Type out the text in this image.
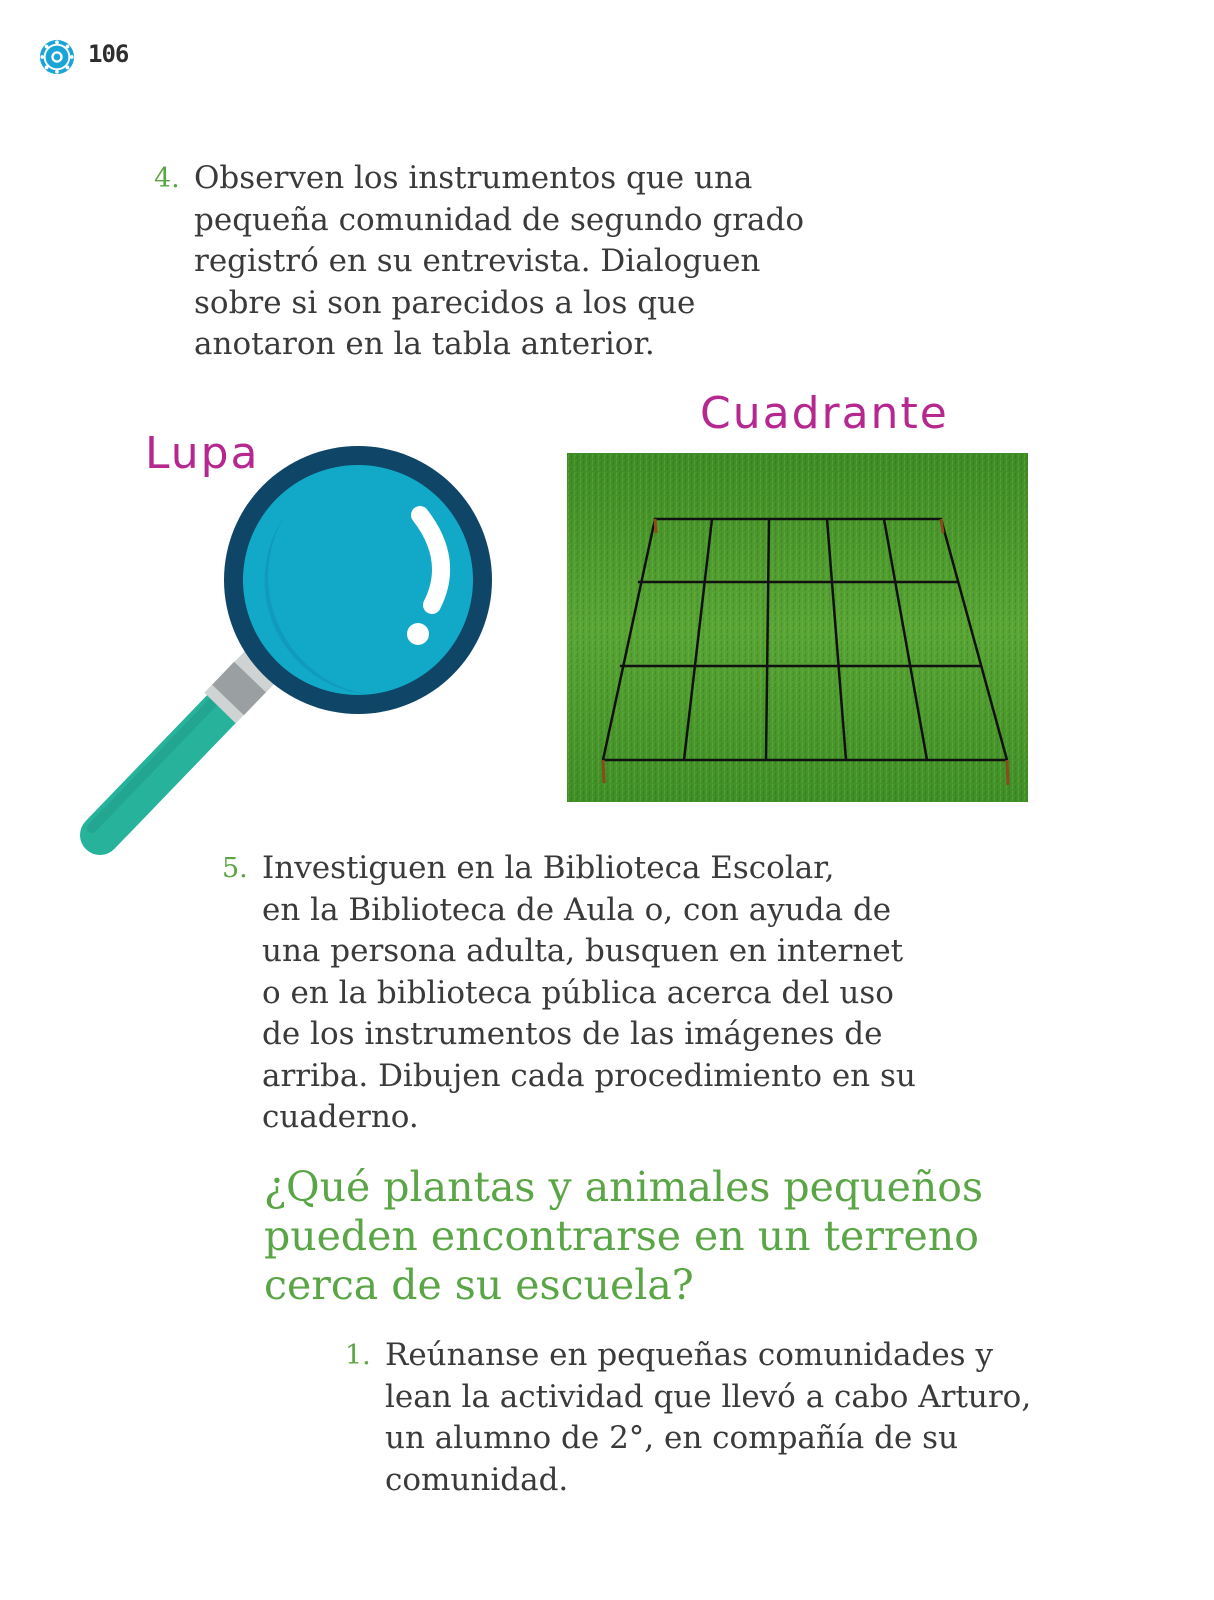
106
4. Observen los instrumentos que una
pequeña comunidad de segundo grado
registró en su entrevista. Dialoguen
sobre si son parecidos a los que
anotaron en la tabla anterior.
Lupa
Cuadrante
5. Investiguen en la Biblioteca Escolar,
en la Biblioteca de Aula o, con ayuda de
una persona adulta, busquen en internet
o en la biblioteca pública acerca del uso
de los instrumentos de las imágenes de
arriba. Dibujen cada procedimiento en su
cuaderno.
¿Qué plantas y animales pequeños
pueden encontrarse en un terreno
cerca de su escuela?
1. Reúnanse en pequeñas comunidades y
lean la actividad que llevó a cabo Arturo,
un alumno de 2°, en compañía de su
comunidad.
